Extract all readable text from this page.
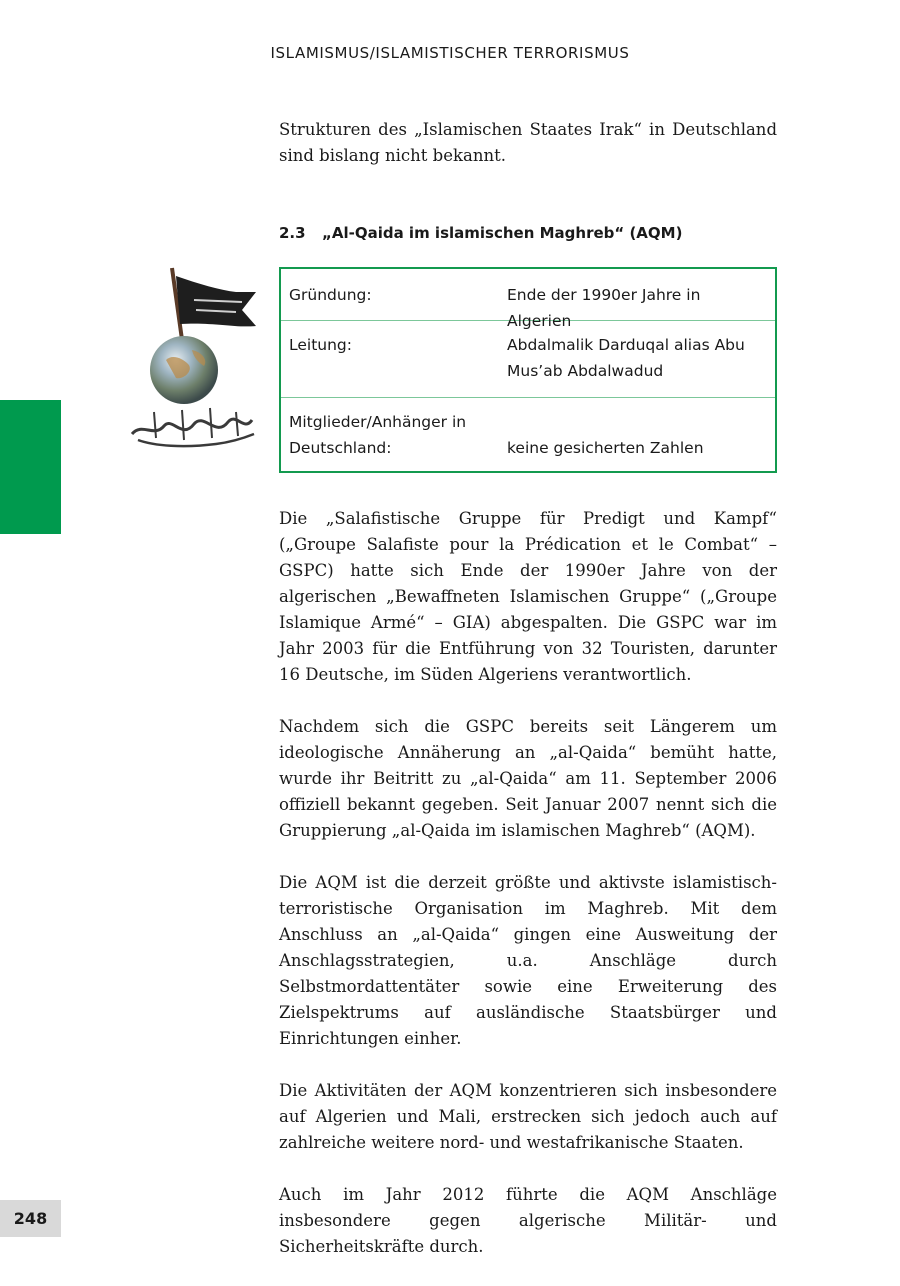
ISLAMISMUS/ISLAMISTISCHER TERRORISMUS

Strukturen des „Islamischen Staates Irak“ in Deutschland sind bislang nicht bekannt.

2.3	„Al-Qaida im islamischen Maghreb“ (AQM)
Gründung:	Ende der 1990er Jahre in Algerien
Leitung:	Abdalmalik Darduqal alias Abu Mus’ab Abdalwadud
Mitglieder/Anhänger in Deutschland:	keine gesicherten Zahlen

Die „Salafistische Gruppe für Predigt und Kampf“ („Groupe Salafiste pour la Prédication et le Combat“ – GSPC) hatte sich Ende der 1990er Jahre von der algerischen „Bewaffneten Islamischen Gruppe“ („Groupe Islamique Armé“ – GIA) abgespalten. Die GSPC war im Jahr 2003 für die Entführung von 32 Touristen, darunter 16 Deutsche, im Süden Algeriens verantwortlich.

Nachdem sich die GSPC bereits seit Längerem um ideologische Annäherung an „al-Qaida“ bemüht hatte, wurde ihr Beitritt zu „al-Qaida“ am 11. September 2006 offiziell bekannt gegeben. Seit Januar 2007 nennt sich die Gruppierung „al-Qaida im islamischen Maghreb“ (AQM).

Die AQM ist die derzeit größte und aktivste islamistisch-terroristische Organisation im Maghreb. Mit dem Anschluss an „al-Qaida“ gingen eine Ausweitung der Anschlagsstrategien, u.a. Anschläge durch Selbstmordattentäter sowie eine Erweiterung des Zielspektrums auf ausländische Staatsbürger und Einrichtungen einher.

Die Aktivitäten der AQM konzentrieren sich insbesondere auf Algerien und Mali, erstrecken sich jedoch auch auf zahlreiche weitere nord- und westafrikanische Staaten.

Auch im Jahr 2012 führte die AQM Anschläge insbesondere gegen algerische Militär- und Sicherheitskräfte durch.

248
